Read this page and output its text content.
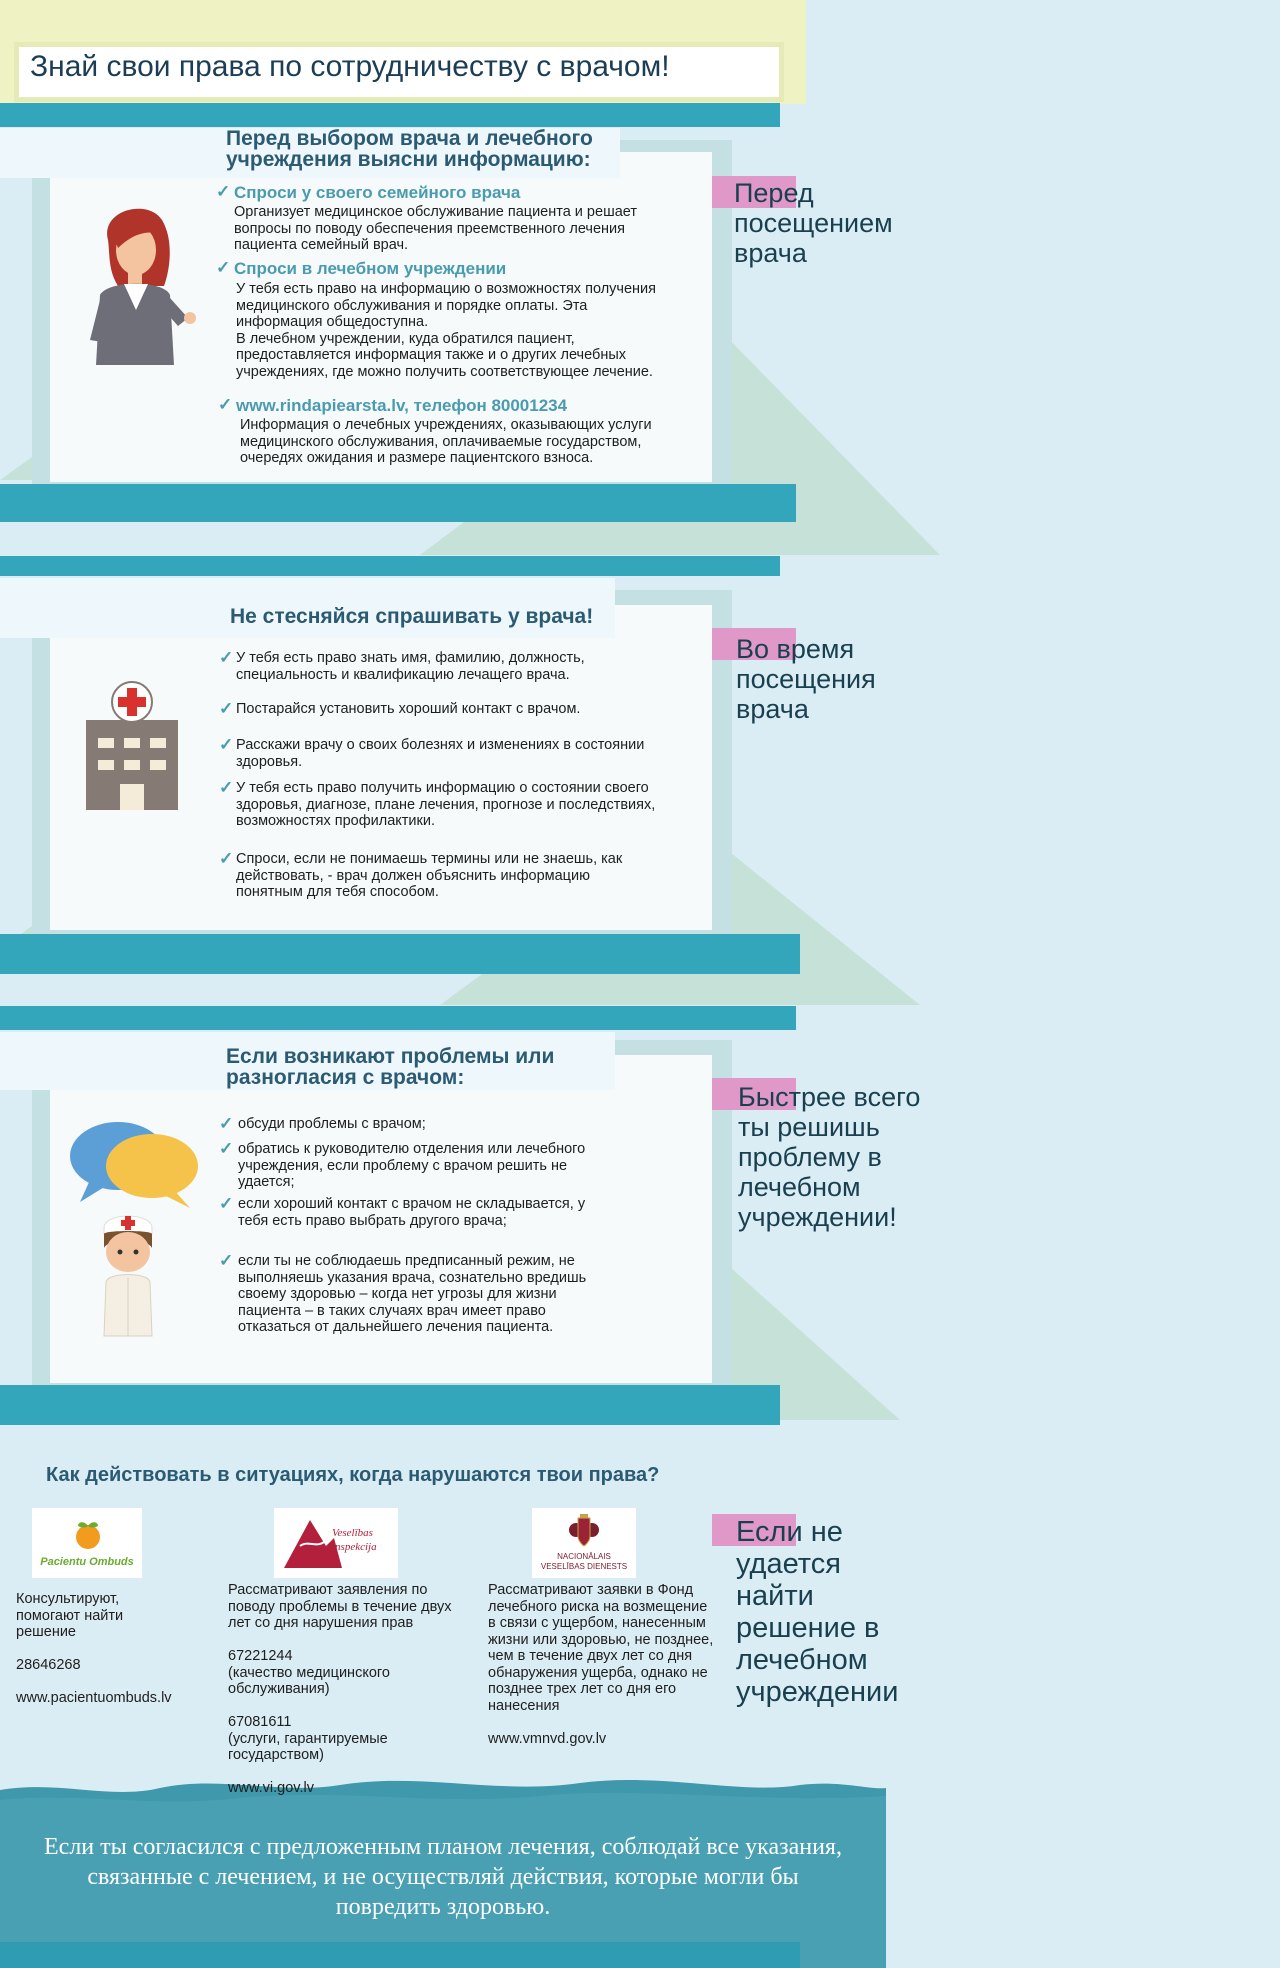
Знай свои права по сотрудничеству с врачом!
Перед выбором врача и лечебного учреждения выясни информацию:
✓ Спроси у своего семейного врача
Организует медицинское обслуживание пациента и решает вопросы по поводу обеспечения преемственного лечения пациента семейный врач.
✓ Спроси в лечебном учреждении
У тебя есть право на информацию о возможностях получения медицинского обслуживания и порядке оплаты. Эта информация общедоступна.
В лечебном учреждении, куда обратился пациент, предоставляется информация также и о других лечебных учреждениях, где можно получить соответствующее лечение.
✓ www.rindapiearsta.lv, телефон 80001234
Информация о лечебных учреждениях, оказывающих услуги медицинского обслуживания, оплачиваемые государством, очередях ожидания и размере пациентского взноса.
Перед посещением врача
Не стесняйся спрашивать у врача!
✓ У тебя есть право знать имя, фамилию, должность, специальность и квалификацию лечащего врача.
✓ Постарайся установить хороший контакт с врачом.
✓ Расскажи врачу о своих болезнях и изменениях в состоянии здоровья.
✓ У тебя есть право получить информацию о состоянии своего здоровья, диагнозе, плане лечения, прогнозе и последствиях, возможностях профилактики.
✓ Спроси, если не понимаешь термины или не знаешь, как действовать, - врач должен объяснить информацию понятным для тебя способом.
Во время посещения врача
Если возникают проблемы или разногласия с врачом:
✓ обсуди проблемы с врачом;
✓ обратись к руководителю отделения или лечебного учреждения, если проблему с врачом решить не удается;
✓ если хороший контакт с врачом не складывается, у тебя есть право выбрать другого врача;
✓ если ты не соблюдаешь предписанный режим, не выполняешь указания врача, сознательно вредишь своему здоровью – когда нет угрозы для жизни пациента – в таких случаях врач имеет право отказаться от дальнейшего лечения пациента.
Быстрее всего ты решишь проблему в лечебном учреждении!
Как действовать в ситуациях, когда нарушаются твои права?
Pacientu Ombuds
Консультируют, помогают найти решение

28646268

www.pacientuombuds.lv
Veselības inspekcija
Рассматривают заявления по поводу проблемы в течение двух лет со дня нарушения прав

67221244
(качество медицинского обслуживания)

67081611
(услуги, гарантируемые государством)

www.vi.gov.lv
NACIONĀLAIS VESELĪBAS DIENESTS
Рассматривают заявки в Фонд лечебного риска на возмещение в связи с ущербом, нанесенным жизни или здоровью, не позднее, чем в течение двух лет со дня обнаружения ущерба, однако не позднее трех лет со дня его нанесения

www.vmnvd.gov.lv
Если не удается найти решение в лечебном учреждении
Если ты согласился с предложенным планом лечения, соблюдай все указания, связанные с лечением, и не осуществляй действия, которые могли бы повредить здоровью.
